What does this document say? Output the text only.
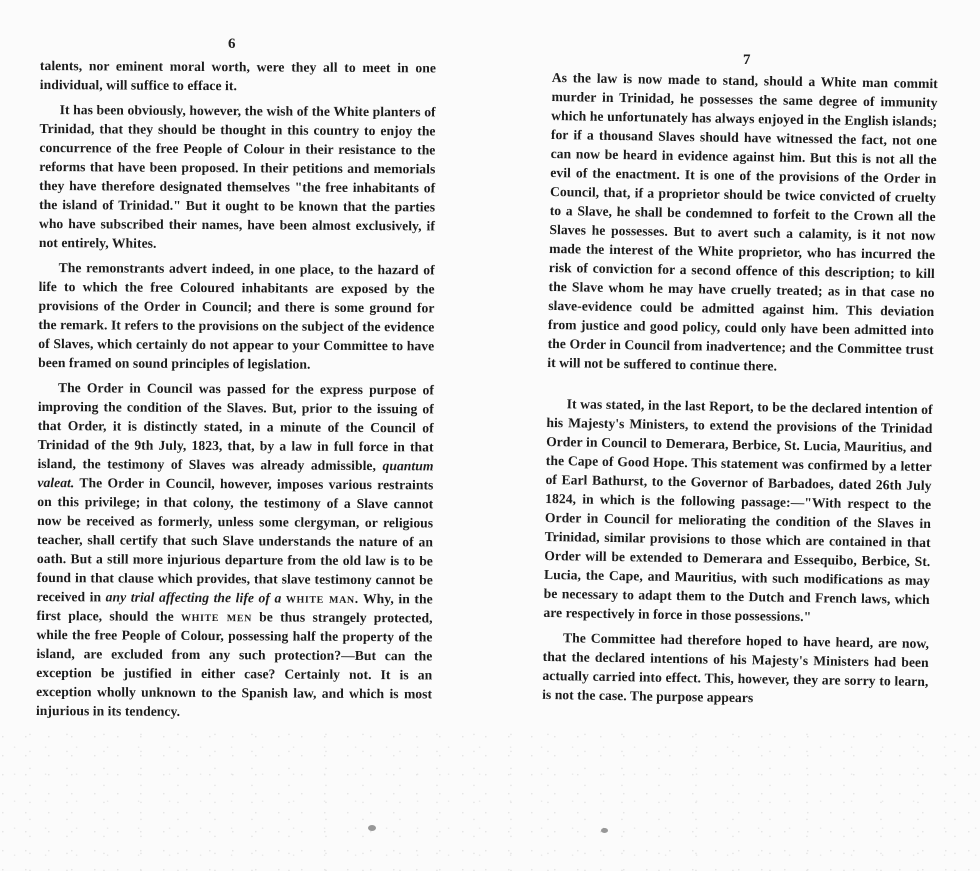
6

talents, nor eminent moral worth, were they all to meet in one individual, will suffice to efface it.

It has been obviously, however, the wish of the White planters of Trinidad, that they should be thought in this country to enjoy the concurrence of the free People of Colour in their resistance to the reforms that have been proposed. In their petitions and memorials they have therefore designated themselves "the free inhabitants of the island of Trinidad." But it ought to be known that the parties who have subscribed their names, have been almost exclusively, if not entirely, Whites.

The remonstrants advert indeed, in one place, to the hazard of life to which the free Coloured inhabitants are exposed by the provisions of the Order in Council; and there is some ground for the remark. It refers to the provisions on the subject of the evidence of Slaves, which certainly do not appear to your Committee to have been framed on sound principles of legislation.

The Order in Council was passed for the express purpose of improving the condition of the Slaves. But, prior to the issuing of that Order, it is distinctly stated, in a minute of the Council of Trinidad of the 9th July, 1823, that, by a law in full force in that island, the testimony of Slaves was already admissible, quantum valeat. The Order in Council, however, imposes various restraints on this privilege; in that colony, the testimony of a Slave cannot now be received as formerly, unless some clergyman, or religious teacher, shall certify that such Slave understands the nature of an oath. But a still more injurious departure from the old law is to be found in that clause which provides, that slave testimony cannot be received in any trial affecting the life of a white man. Why, in the first place, should the white men be thus strangely protected, while the free People of Colour, possessing half the property of the island, are excluded from any such protection?—But can the exception be justified in either case? Certainly not. It is an exception wholly unknown to the Spanish law, and which is most injurious in its tendency.

7

As the law is now made to stand, should a White man commit murder in Trinidad, he possesses the same degree of immunity which he unfortunately has always enjoyed in the English islands; for if a thousand Slaves should have witnessed the fact, not one can now be heard in evidence against him. But this is not all the evil of the enactment. It is one of the provisions of the Order in Council, that, if a proprietor should be twice convicted of cruelty to a Slave, he shall be condemned to forfeit to the Crown all the Slaves he possesses. But to avert such a calamity, is it not now made the interest of the White proprietor, who has incurred the risk of conviction for a second offence of this description; to kill the Slave whom he may have cruelly treated; as in that case no slave-evidence could be admitted against him. This deviation from justice and good policy, could only have been admitted into the Order in Council from inadvertence; and the Committee trust it will not be suffered to continue there.

It was stated, in the last Report, to be the declared intention of his Majesty's Ministers, to extend the provisions of the Trinidad Order in Council to Demerara, Berbice, St. Lucia, Mauritius, and the Cape of Good Hope. This statement was confirmed by a letter of Earl Bathurst, to the Governor of Barbadoes, dated 26th July 1824, in which is the following passage:—"With respect to the Order in Council for meliorating the condition of the Slaves in Trinidad, similar provisions to those which are contained in that Order will be extended to Demerara and Essequibo, Berbice, St. Lucia, the Cape, and Mauritius, with such modifications as may be necessary to adapt them to the Dutch and French laws, which are respectively in force in those possessions."

The Committee had therefore hoped to have heard, are now, that the declared intentions of his Majesty's Ministers had been actually carried into effect. This, however, they are sorry to learn, is not the case. The purpose appears
